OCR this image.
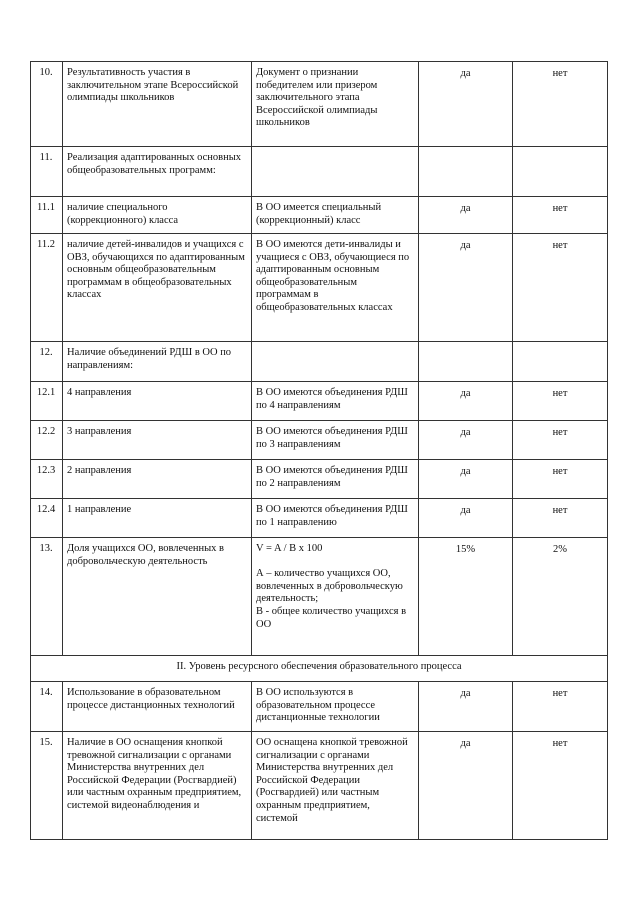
10.	Результативность участия в заключительном этапе Всероссийской олимпиады школьников	Документ о признании победителем или призером заключительного этапа Всероссийской олимпиады школьников	да	нет
11.	Реализация адаптированных основных общеобразовательных программ:			
11.1	наличие специального (коррекционного) класса	В ОО имеется специальный (коррекционный) класс	да	нет
11.2	наличие детей-инвалидов и учащихся с ОВЗ, обучающихся по адаптированным основным общеобразовательным программам в общеобразовательных классах	В ОО имеются дети-инвалиды и учащиеся с ОВЗ, обучающиеся по адаптированным основным общеобразовательным программам в общеобразовательных классах	да	нет
12.	Наличие объединений РДШ в ОО по направлениям:			
12.1	4 направления	В ОО имеются объединения РДШ по 4 направлениям	да	нет
12.2	3 направления	В ОО имеются объединения РДШ по 3 направлениям	да	нет
12.3	2 направления	В ОО имеются объединения РДШ по 2 направлениям	да	нет
12.4	1 направление	В ОО имеются объединения РДШ по 1 направлению	да	нет
13.	Доля учащихся ОО, вовлеченных в добровольческую деятельность	V = A / B x 100

А – количество учащихся ОО, вовлеченных в добровольческую деятельность;
В - общее количество учащихся в ОО	15%	2%
II. Уровень ресурсного обеспечения образовательного процесса				
14.	Использование в образовательном процессе дистанционных технологий	В ОО используются в образовательном процессе дистанционные технологии	да	нет
15.	Наличие в ОО оснащения кнопкой тревожной сигнализации с органами Министерства внутренних дел Российской Федерации (Росгвардией) или частным охранным предприятием, системой видеонаблюдения и	ОО оснащена кнопкой тревожной сигнализации с органами Министерства внутренних дел Российской Федерации (Росгвардией) или частным охранным предприятием, системой	да	нет
